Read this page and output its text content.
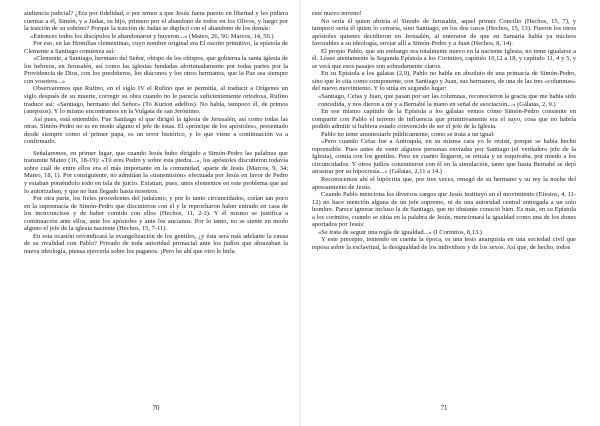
audiencia judicial? ¿Era por fidelidad, o por temor a que Jesús fuera puesto en libertad y les pidiera cuentas a él, Simón, y a Judas, su hijo, primero por el abandono de todos en los Olivos, y luego por la traición de su sobrino? Porque la traición de Judas se duplicó con el abandono de los demás:

«Entonces todos los discípulos le abandonaron y huyeron...» (Mateo, 26, 56; Marcos, 14, 50.)

Por eso, en las Homilías clementinas, cuyo nombre original era El escrito primitivo, la epístola de Clemente a Santiago comienza así:

«Clemente, a Santiago, hermano del Señor, obispo de los obispos, que gobierna la santa iglesia de los hebreos, en Jerusalén, así como las iglesias fundadas afortunadamente por todas partes por la Providencia de Dios, con los presbíteros, los diáconos y los otros hermanos, que la Paz sea siempre con vosotros...»

Observaremos que Rufino, en el siglo IV el Rufino que se permitía, al traducir a Orígenes un siglo después de su muerte, corregir su obra cuando no le parecía suficientemente ortodoxa, Rufino traduce así: «Santiago, hermano del Señor» (To Kurion adelfos). No habla, tampoco él, de primos (anepsios). Y lo mismo encontramos en la Vulgata de san Jerónimo.

Así pues, está entendido. Fue Santiago el que dirigió la iglesia de Jerusalén, así como todas las otras. Simón-Pedro no es en modo alguno el jefe de éstas. El «príncipe de los apóstoles», presentado desde siempre como el primer papa, es un error histórico, y lo que viene a continuación va a confirmarlo.

Señalaremos, en primer lugar, que cuando Jesús hubo dirigido a Simón-Pedro las palabras que transmite Mateo (16, 18-19): «Tú eres Pedro y sobre esta piedra...», los apóstoles discutieron todavía sobre cuál de entre ellos era el más importante en la comunidad, aparte de Jesús (Marcos, 9, 34; Mateo, 18, 1). Por consiguiente, no admitían la «transmisión» efectuada por Jesús en favor de Pedro y estaban poniéndolo todo en tela de juicio. Existían, pues, unos elementos en este problema que así lo autorizaban, y que no han llegado hasta nosotros.

Por otra parte, los fieles procedentes del judaísmo, y por lo tanto circuncidados, creían tan poco en la supremacía de Simón-Pedro que discutieron con él y le reprocharon haber entrado en casa de los incircuncisos y de haber comido con ellos (Hechos, 11, 2-3). Y él mismo se justifica a continuación ante ellos, ante los apóstoles y ante los ancianos. Por lo tanto, no se siente en modo alguno el jefe de la iglesia naciente (Hechos, 15, 7-11).

En esta ocasión reivindicará la evangelización de los gentiles, ¿y ésta será más adelante la causa de su rivalidad con Pablo? Privado de toda autoridad primacial ante los judíos que abrazaban la nueva ideología, piensa ejercerla sobre los paganos. ¡Pero he ahí que otro le birla

70

este nuevo terreno!

No sería él quien abriría el Sínodo de Jerusalén, aquel primer Concilio (Hechos, 15, 7), y tampoco sería él quien lo cerraría, sino Santiago, en los dos casos (Hechos, 15, 13). Fueron los otros apóstoles quienes decidieron en Jerusalén, al enterarse de que en Samaria había ya núcleos favorables a su ideología, enviar allí a Simón-Pedro y a Juan (Hechos, 8, 14).

El propio Pablo, que sin embargo era totalmente nuevo en la naciente Iglesia, no teme igualarse a él. Léase atentamente la Segunda Epístola a los Corintios, capítulo 10,12 a 18, y capítulo 11, 4 y 5, y se verá que esos pasajes son sobradamente claros.

En su Epístola a los gálatas (2,9), Pablo no habla en absoluto de una primacía de Simón-Pedro, sino que lo cita como componente, con Santiago y Juan, sus hermanos, de una de las tres «columnas» del nuevo movimiento. Y lo sitúa en segundo lugar:

«Santiago, Cefas y Juan, que pasan por ser las columnas, reconocieron la gracia que me había sido concedida, y nos dieron a mí y a Bernabé la mano en señal de asociación...» (Gálatas, 2, 9.)

En ese mismo capítulo de la Epístola a los gálatas vemos cómo Simón-Pedro consiente en compartir con Pablo el terreno de influencia que primitivamente era el suyo, cosa que no habría podido admitir si hubiera estado convencido de ser el jefe de la Iglesia.

Pablo no teme amonestarle públicamente, como se trata a un igual:

«Pero cuando Cefas fue a Antioquía, en su misma cara yo le resistí, porque se había hecho reprensible. Pues antes de venir algunos personas enviadas por Santiago (el verdadero jefe de la Iglesia), comía con los gentiles. Pero en cuanto llegaron, se retraía y se esquivaba, por miedo a los circuncidados. Y otros judíos consintieron con él en la simulación, tanto que hasta Bernabé se dejó arrastrar por su hipocresía...» (Gálatas, 2,11 a 14.)

Reconocemos ahí el hipócrita que, por tres veces, renegó de su hermano y su rey la noche del apresamiento de Jesús.

Cuando Pablo menciona los diversos cargos que Jesús instituyó en el movimiento (Efesios, 4, 11-12) no hace mención alguna de un jefe supremo, ni de una autoridad central entregada a un solo hombre. Parece ignorar incluso la de Santiago, que no obstante conoció bien. Es más, en su Epístola a los corintios, cuando se sitúa en la palabra de Jesús, mencionará la igualdad como una de los dones aportados por Jesús:

«Se trata de seguir una regla de igualdad...» (I Corintios, 8,13.)

Y este precepto, teniendo en cuenta la época, es una tesis anarquista en una sociedad civil que reposa sobre la esclavitud, la desigualdad de los individuos y de los sexos. Así que, de hecho, todos

71
